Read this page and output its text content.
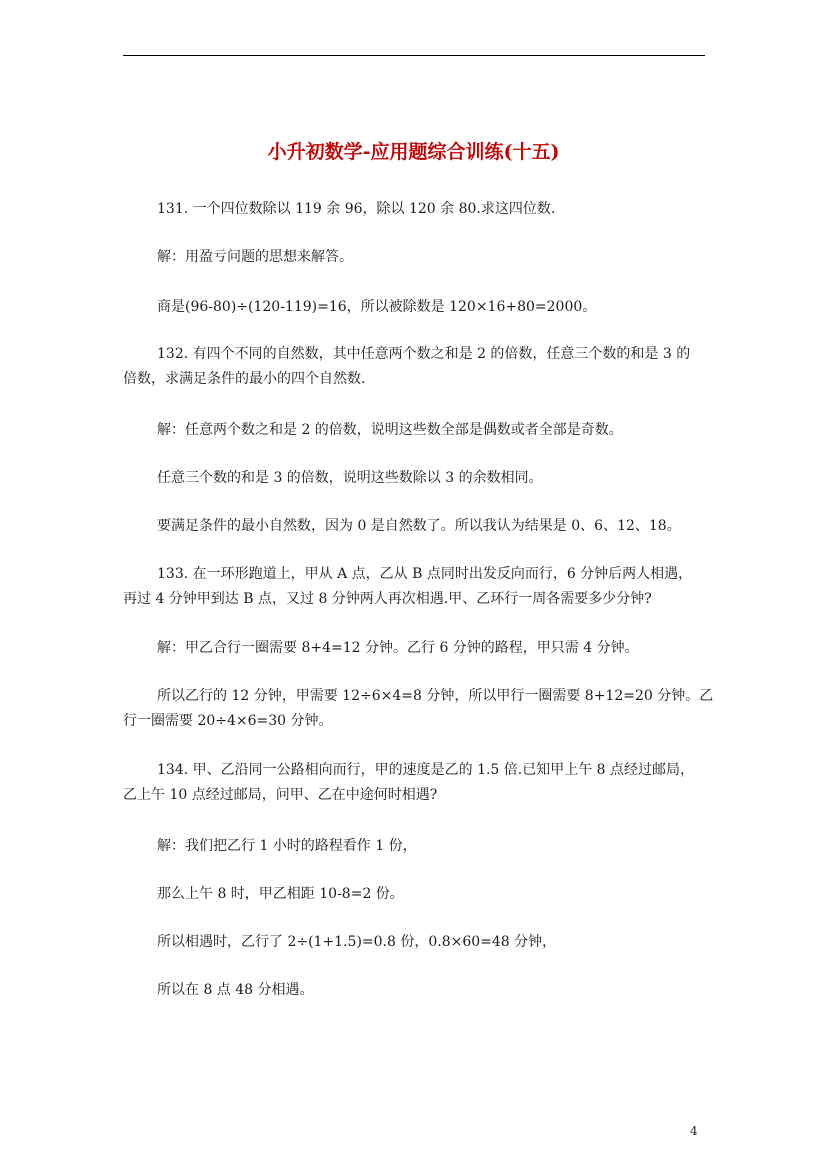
小升初数学-应用题综合训练(十五)
131. 一个四位数除以 119 余 96，除以 120 余 80.求这四位数.
解：用盈亏问题的思想来解答。
商是(96-80)÷(120-119)=16，所以被除数是 120×16+80=2000。
132. 有四个不同的自然数，其中任意两个数之和是 2 的倍数，任意三个数的和是 3 的
倍数，求满足条件的最小的四个自然数.
解：任意两个数之和是 2 的倍数，说明这些数全部是偶数或者全部是奇数。
任意三个数的和是 3 的倍数，说明这些数除以 3 的余数相同。
要满足条件的最小自然数，因为 0 是自然数了。所以我认为结果是 0、6、12、18。
133. 在一环形跑道上，甲从 A 点，乙从 B 点同时出发反向而行，6 分钟后两人相遇，
再过 4 分钟甲到达 B 点，又过 8 分钟两人再次相遇.甲、乙环行一周各需要多少分钟?
解：甲乙合行一圈需要 8+4=12 分钟。乙行 6 分钟的路程，甲只需 4 分钟。
所以乙行的 12 分钟，甲需要 12÷6×4=8 分钟，所以甲行一圈需要 8+12=20 分钟。乙
行一圈需要 20÷4×6=30 分钟。
134. 甲、乙沿同一公路相向而行，甲的速度是乙的 1.5 倍.已知甲上午 8 点经过邮局，
乙上午 10 点经过邮局，问甲、乙在中途何时相遇?
解：我们把乙行 1 小时的路程看作 1 份，
那么上午 8 时，甲乙相距 10-8=2 份。
所以相遇时，乙行了 2÷(1+1.5)=0.8 份，0.8×60=48 分钟，
所以在 8 点 48 分相遇。
4
